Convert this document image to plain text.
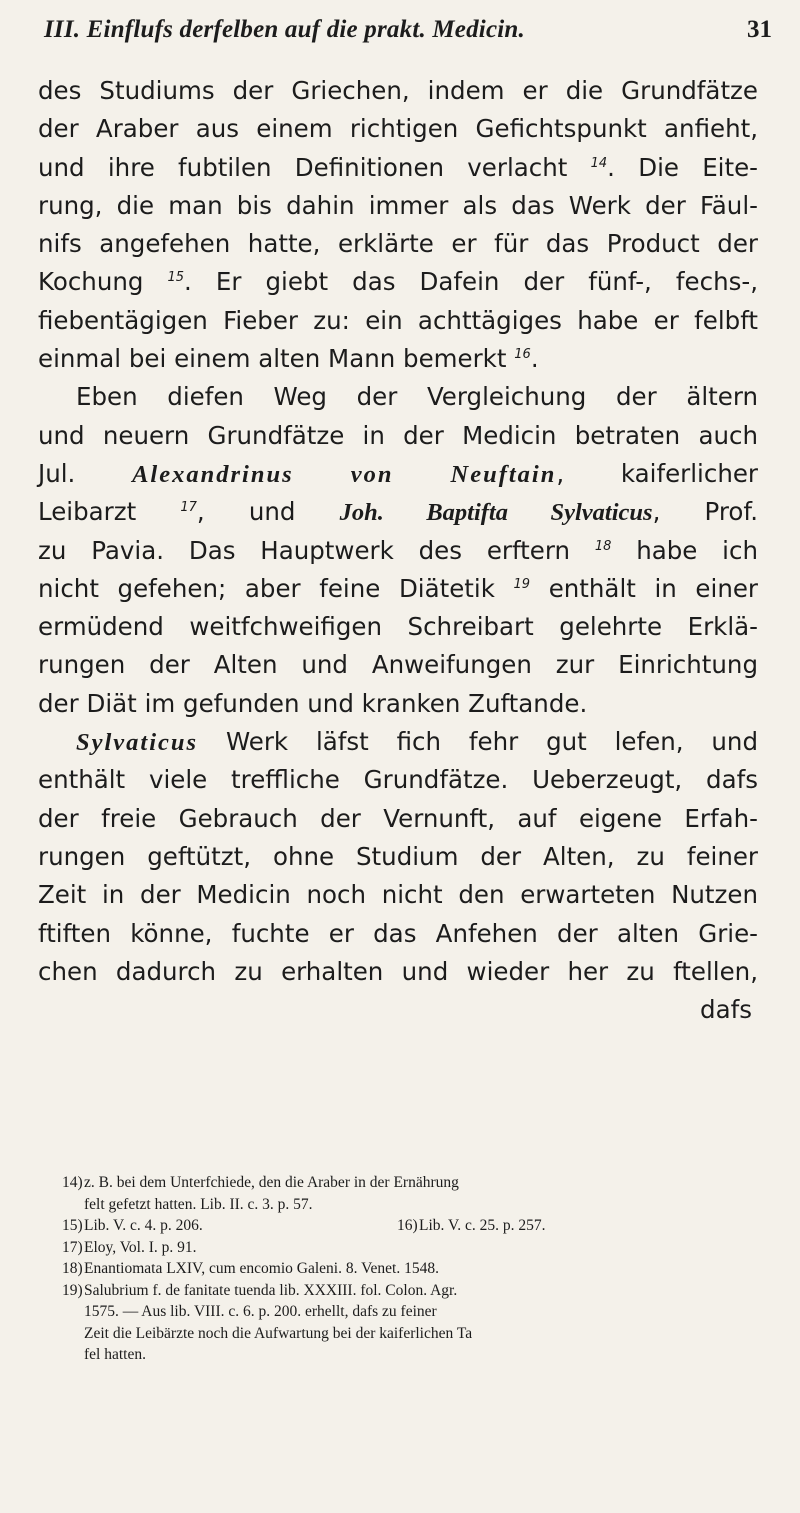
III. Einflufs derfelben auf die prakt. Medicin.	31
des Studiums der Griechen, indem er die Grundfätze
der Araber aus einem richtigen Gefichtspunkt anfieht,
und ihre fubtilen Definitionen verlacht $^{14}$. Die Eite-
rung, die man bis dahin immer als das Werk der Fäul-
nifs angefehen hatte, erklärte er für das Product der
Kochung $^{15}$. Er giebt das Dafein der fünf-, fechs-,
fiebentägigen Fieber zu: ein achttägiges habe er felbft
einmal bei einem alten Mann bemerkt $^{16}$.
Eben diefen Weg der Vergleichung der ältern
und neuern Grundfätze in der Medicin betraten auch
Jul. Alexandrinus von Neuftain, kaiferlicher
Leibarzt $^{17}$, und Joh. Baptifta Sylvaticus, Prof.
zu Pavia. Das Hauptwerk des erftern $^{18}$ habe ich
nicht gefehen; aber feine Diätetik $^{19}$ enthält in einer
ermüdend weitfchweifigen Schreibart gelehrte Erklä-
rungen der Alten und Anweifungen zur Einrichtung
der Diät im gefunden und kranken Zuftande.
Sylvaticus Werk läfst fich fehr gut lefen, und
enthält viele treffliche Grundfätze. Ueberzeugt, dafs
der freie Gebrauch der Vernunft, auf eigene Erfah-
rungen geftützt, ohne Studium der Alten, zu feiner
Zeit in der Medicin noch nicht den erwarteten Nutzen
ftiften könne, fuchte er das Anfehen der alten Grie-
chen dadurch zu erhalten und wieder her zu ftellen,
dafs
14)z. B. bei dem Unterfchiede, den die Araber in der Ernährung
felt gefetzt hatten. Lib. II. c. 3. p. 57.
15)Lib. V. c. 4. p. 206.	16)Lib. V. c. 25. p. 257.
17)Eloy, Vol. I. p. 91.
18)Enantiomata LXIV, cum encomio Galeni. 8. Venet. 1548.
19)Salubrium f. de fanitate tuenda lib. XXXIII. fol. Colon. Agr.
1575. — Aus lib. VIII. c. 6. p. 200. erhellt, dafs zu feiner
Zeit die Leibärzte noch die Aufwartung bei der kaiferlichen Ta
fel hatten.
